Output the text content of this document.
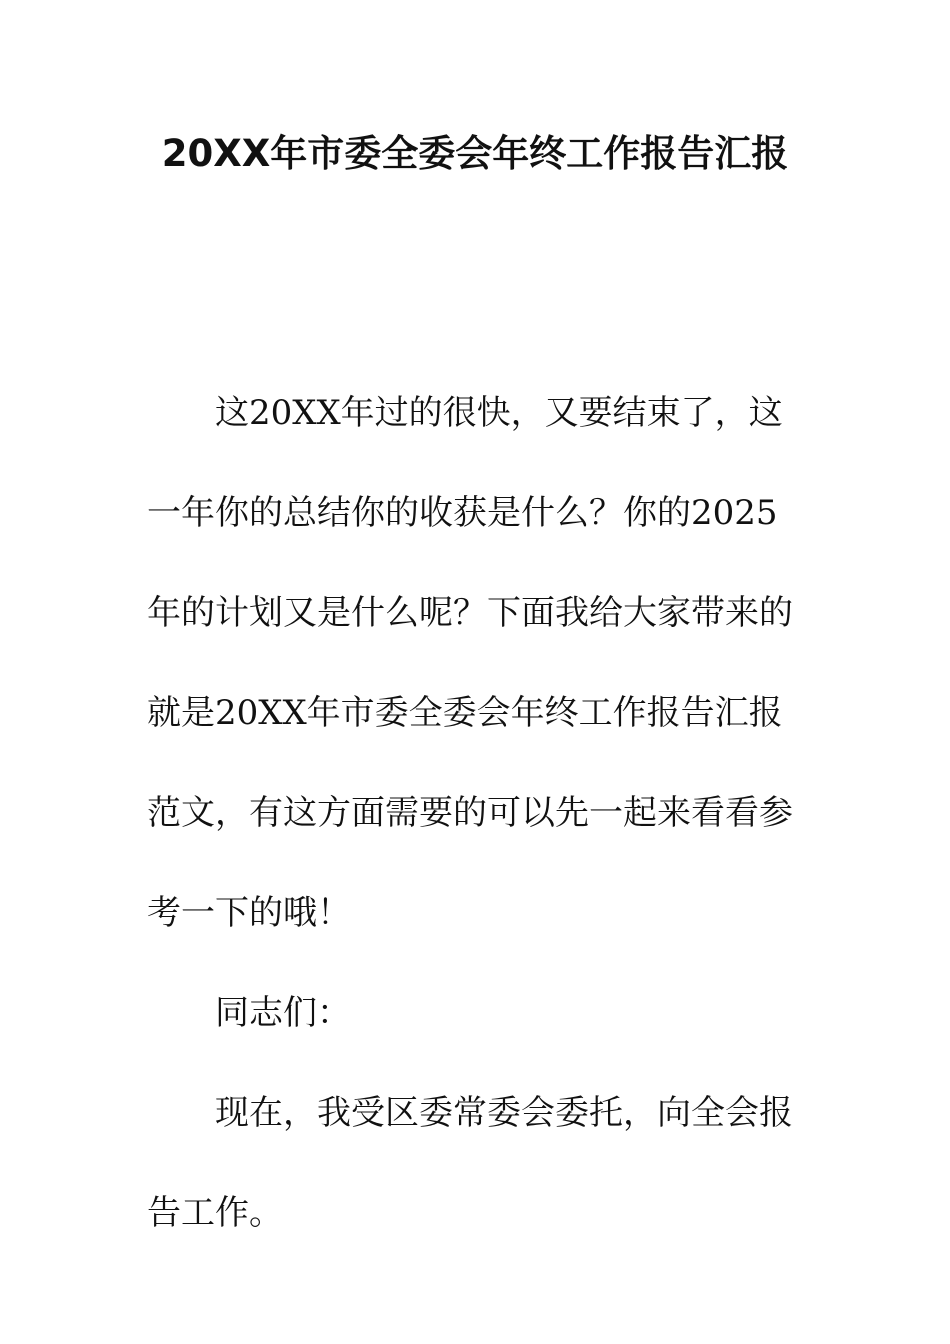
20XX年市委全委会年终工作报告汇报

这20XX年过的很快，又要结束了，这一年你的总结你的收获是什么？你的2025年的计划又是什么呢？下面我给大家带来的就是20XX年市委全委会年终工作报告汇报范文，有这方面需要的可以先一起来看看参考一下的哦！

同志们：

现在，我受区委常委会委托，向全会报告工作。
